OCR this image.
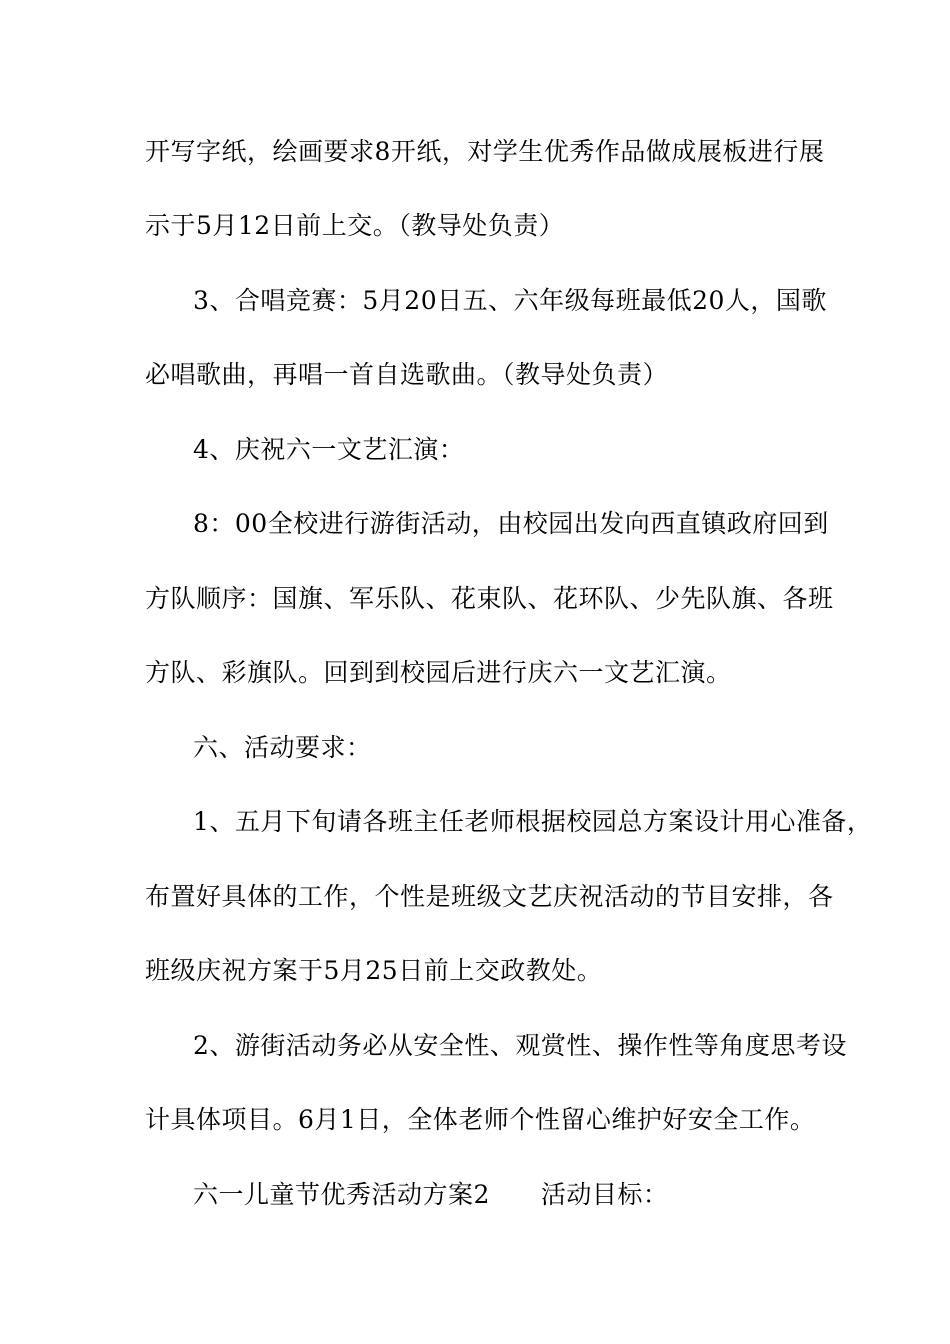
开写字纸，绘画要求8开纸，对学生优秀作品做成展板进行展
示于5月12日前上交。（教导处负责）
3、合唱竞赛：5月20日五、六年级每班最低20人，国歌
必唱歌曲，再唱一首自选歌曲。（教导处负责）
4、庆祝六一文艺汇演：
8：00全校进行游街活动，由校园出发向西直镇政府回到
方队顺序：国旗、军乐队、花束队、花环队、少先队旗、各班
方队、彩旗队。回到到校园后进行庆六一文艺汇演。
六、活动要求：
1、五月下旬请各班主任老师根据校园总方案设计用心准备，
布置好具体的工作，个性是班级文艺庆祝活动的节目安排，各
班级庆祝方案于5月25日前上交政教处。
2、游街活动务必从安全性、观赏性、操作性等角度思考设
计具体项目。6月1日，全体老师个性留心维护好安全工作。
六一儿童节优秀活动方案2　　活动目标：
